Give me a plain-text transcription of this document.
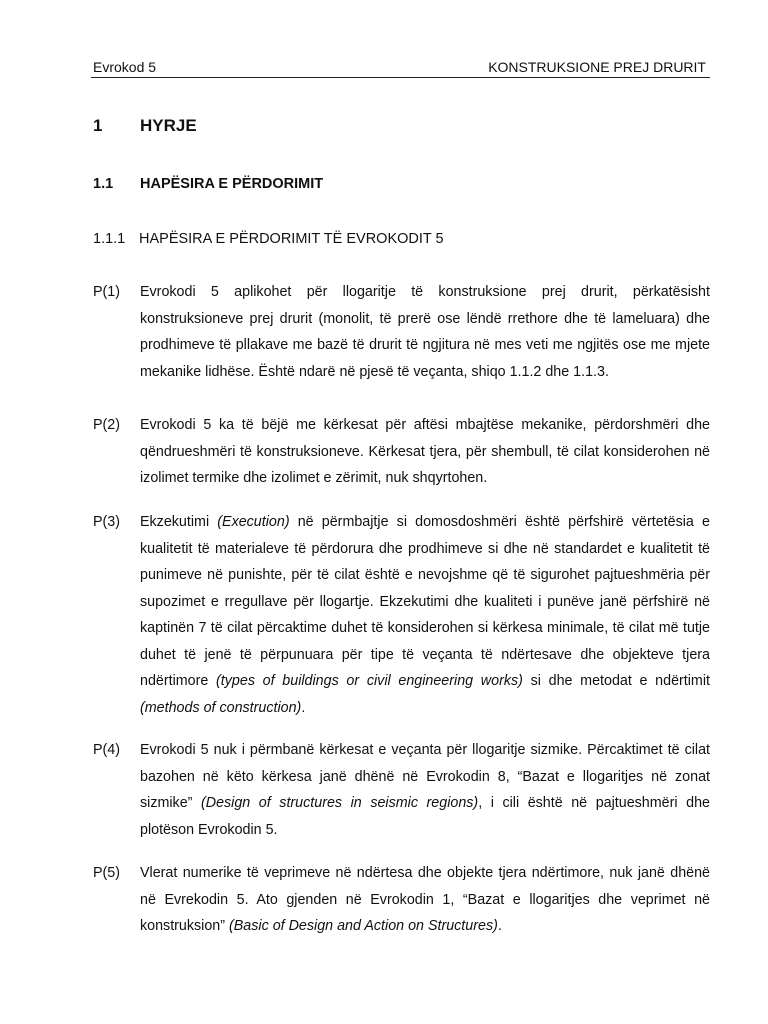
Evrokod 5	KONSTRUKSIONE PREJ DRURIT
1 HYRJE
1.1 HAPËSIRA E PËRDORIMIT
1.1.1 HAPËSIRA E PËRDORIMIT TË EVROKODIT 5
P(1) Evrokodi 5 aplikohet për llogaritje të konstruksione prej drurit, përkatësisht konstruksioneve prej drurit (monolit, të prerë ose lëndë rrethore dhe të lameluara) dhe prodhimeve të pllakave me bazë të drurit të ngjitura në mes veti me ngjitës ose me mjete mekanike lidhëse. Është ndarë në pjesë të veçanta, shiqo 1.1.2 dhe 1.1.3.
P(2) Evrokodi 5 ka të bëjë me kërkesat për aftësi mbajtëse mekanike, përdorshmëri dhe qëndrueshmëri të konstruksioneve. Kërkesat tjera, për shembull, të cilat konsiderohen në izolimet termike dhe izolimet e zërimit, nuk shqyrtohen.
P(3) Ekzekutimi (Execution) në përmbajtje si domosdoshmëri është përfshirë vërtetësia e kualitetit të materialeve të përdorura dhe prodhimeve si dhe në standardet e kualitetit të punimeve në punishte, për të cilat është e nevojshme që të sigurohet pajtueshmëria për supozimet e rregullave për llogartje. Ekzekutimi dhe kualiteti i punëve janë përfshirë në kaptinën 7 të cilat përcaktime duhet të konsiderohen si kërkesa minimale, të cilat më tutje duhet të jenë të përpunuara për tipe të veçanta të ndërtesave dhe objekteve tjera ndërtimore (types of buildings or civil engineering works) si dhe metodat e ndërtimit (methods of construction).
P(4) Evrokodi 5 nuk i përmbanë kërkesat e veçanta për llogaritje sizmike. Përcaktimet të cilat bazohen në këto kërkesa janë dhënë në Evrokodin 8, “Bazat e llogaritjes në zonat sizmike” (Design of structures in seismic regions), i cili është në pajtueshmëri dhe plotëson Evrokodin 5.
P(5) Vlerat numerike të veprimeve në ndërtesa dhe objekte tjera ndërtimore, nuk janë dhënë në Evrekodin 5. Ato gjenden në Evrokodin 1, “Bazat e llogaritjes dhe veprimet në konstruksion” (Basic of Design and Action on Structures).
